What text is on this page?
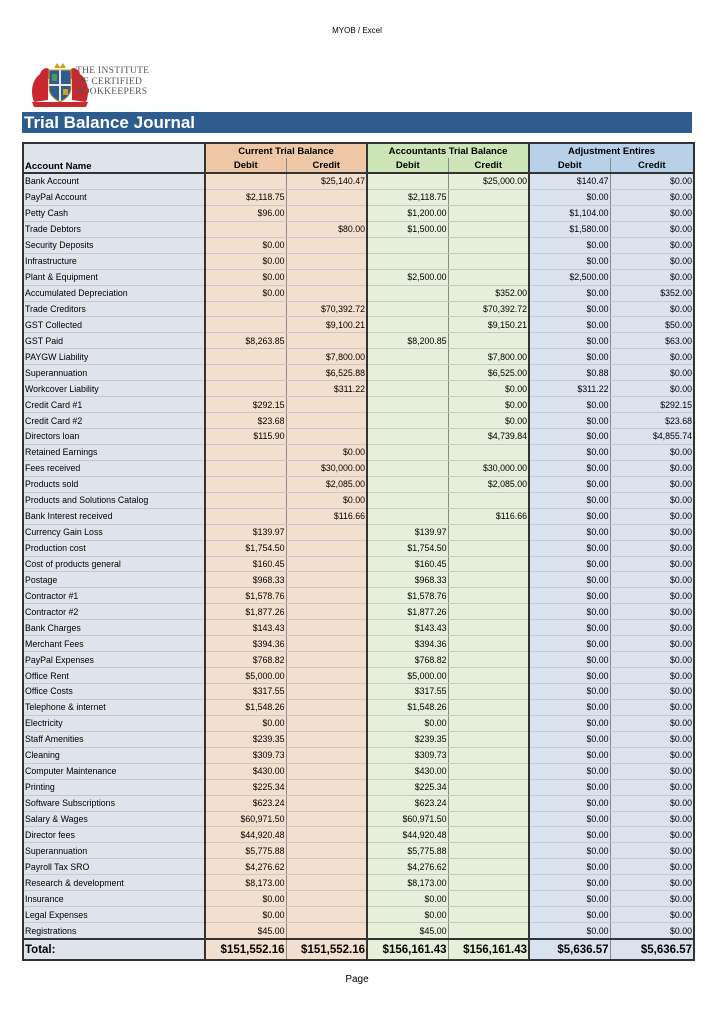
MYOB / Excel
THE INSTITUTE
OF CERTIFIED
BOOKKEEPERS
Trial Balance Journal
	Current Trial Balance		Accountants Trial Balance		Adjustment Entires	
Account Name	Debit	Credit	Debit	Credit	Debit	Credit
Bank Account		$25,140.47		$25,000.00	$140.47	$0.00
PayPal Account	$2,118.75		$2,118.75		$0.00	$0.00
Petty Cash	$96.00		$1,200.00		$1,104.00	$0.00
Trade Debtors		$80.00	$1,500.00		$1,580.00	$0.00
Security Deposits	$0.00				$0.00	$0.00
Infrastructure	$0.00				$0.00	$0.00
Plant & Equipment	$0.00		$2,500.00		$2,500.00	$0.00
Accumulated Depreciation	$0.00			$352.00	$0.00	$352.00
Trade Creditors		$70,392.72		$70,392.72	$0.00	$0.00
GST Collected		$9,100.21		$9,150.21	$0.00	$50.00
GST Paid	$8,263.85		$8,200.85		$0.00	$63.00
PAYGW Liability		$7,800.00		$7,800.00	$0.00	$0.00
Superannuation		$6,525.88		$6,525.00	$0.88	$0.00
Workcover Liability		$311.22		$0.00	$311.22	$0.00
Credit Card #1	$292.15			$0.00	$0.00	$292.15
Credit Card #2	$23.68			$0.00	$0.00	$23.68
Directors loan	$115.90			$4,739.84	$0.00	$4,855.74
Retained Earnings		$0.00			$0.00	$0.00
Fees received		$30,000.00		$30,000.00	$0.00	$0.00
Products sold		$2,085.00		$2,085.00	$0.00	$0.00
Products and Solutions Catalog		$0.00			$0.00	$0.00
Bank Interest received		$116.66		$116.66	$0.00	$0.00
Currency Gain Loss	$139.97		$139.97		$0.00	$0.00
Production cost	$1,754.50		$1,754.50		$0.00	$0.00
Cost of products general	$160.45		$160.45		$0.00	$0.00
Postage	$968.33		$968.33		$0.00	$0.00
Contractor #1	$1,578.76		$1,578.76		$0.00	$0.00
Contractor #2	$1,877.26		$1,877.26		$0.00	$0.00
Bank Charges	$143.43		$143.43		$0.00	$0.00
Merchant Fees	$394.36		$394.36		$0.00	$0.00
PayPal Expenses	$768.82		$768.82		$0.00	$0.00
Office Rent	$5,000.00		$5,000.00		$0.00	$0.00
Office Costs	$317.55		$317.55		$0.00	$0.00
Telephone & internet	$1,548.26		$1,548.26		$0.00	$0.00
Electricity	$0.00		$0.00		$0.00	$0.00
Staff Amenities	$239.35		$239.35		$0.00	$0.00
Cleaning	$309.73		$309.73		$0.00	$0.00
Computer Maintenance	$430.00		$430.00		$0.00	$0.00
Printing	$225.34		$225.34		$0.00	$0.00
Software Subscriptions	$623.24		$623.24		$0.00	$0.00
Salary & Wages	$60,971.50		$60,971.50		$0.00	$0.00
Director fees	$44,920.48		$44,920.48		$0.00	$0.00
Superannuation	$5,775.88		$5,775.88		$0.00	$0.00
Payroll Tax SRO	$4,276.62		$4,276.62		$0.00	$0.00
Research & development	$8,173.00		$8,173.00		$0.00	$0.00
Insurance	$0.00		$0.00		$0.00	$0.00
Legal Expenses	$0.00		$0.00		$0.00	$0.00
Registrations	$45.00		$45.00		$0.00	$0.00
Total:	$151,552.16	$151,552.16	$156,161.43	$156,161.43	$5,636.57	$5,636.57
Page
